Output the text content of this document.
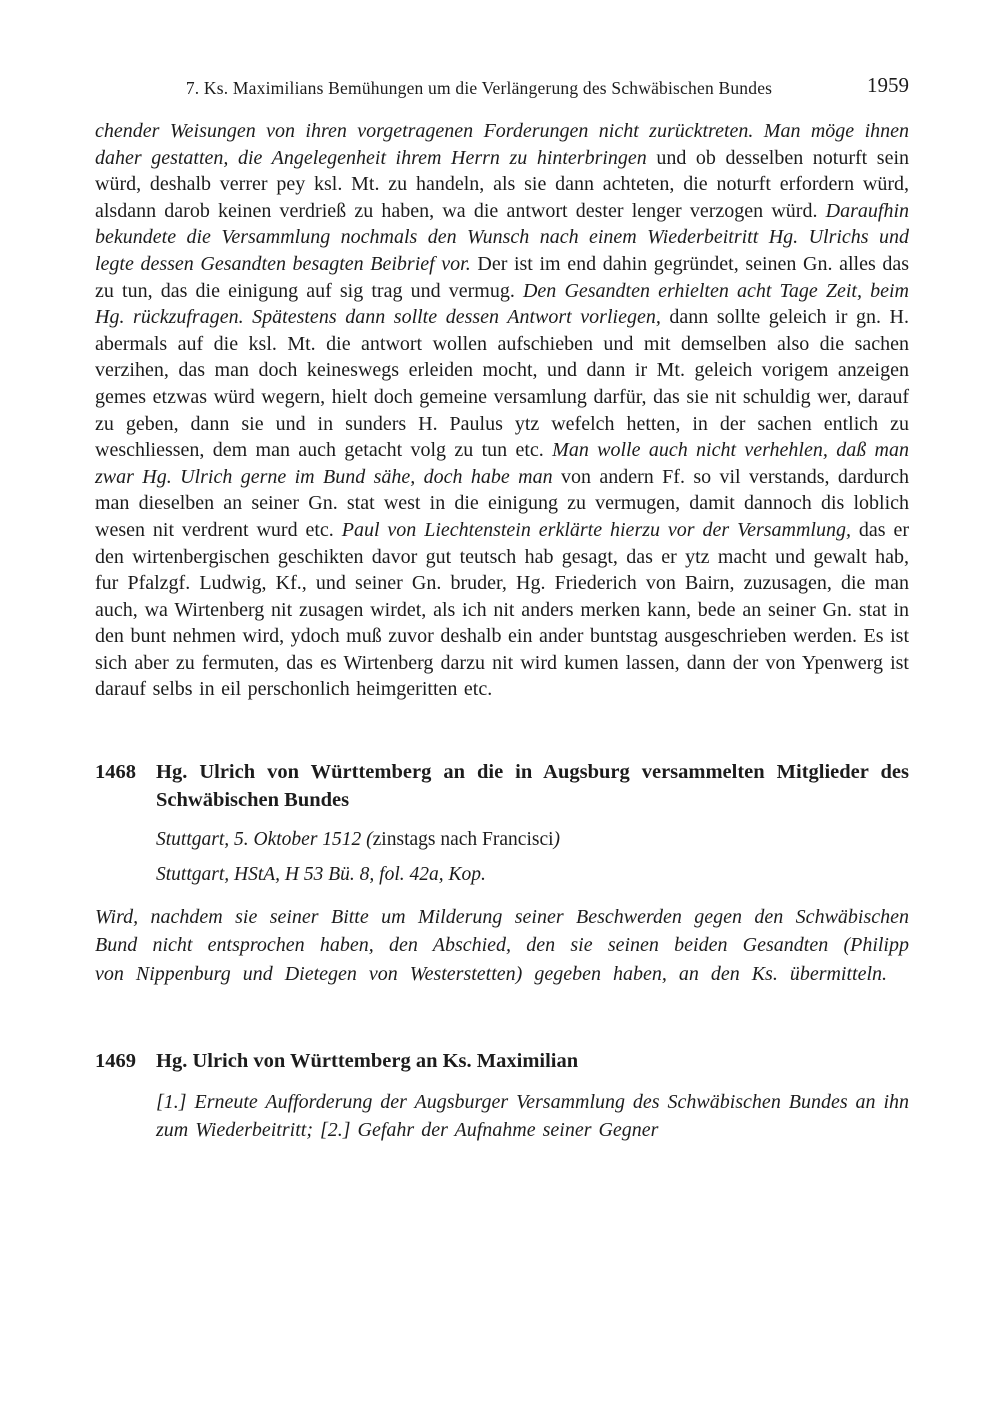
7. Ks. Maximilians Bemühungen um die Verlängerung des Schwäbischen Bundes	1959

chender Weisungen von ihren vorgetragenen Forderungen nicht zurücktreten. Man möge ihnen daher gestatten, die Angelegenheit ihrem Herrn zu hinterbringen und ob desselben noturft sein würd, deshalb verrer pey ksl. Mt. zu handeln, als sie dann achteten, die noturft erfordern würd, alsdann darob keinen verdrieß zu haben, wa die antwort dester lenger verzogen würd. Daraufhin bekundete die Versammlung nochmals den Wunsch nach einem Wiederbeitritt Hg. Ulrichs und legte dessen Gesandten besagten Beibrief vor. Der ist im end dahin gegründet, seinen Gn. alles das zu tun, das die einigung auf sig trag und vermug. Den Gesandten erhielten acht Tage Zeit, beim Hg. rückzufragen. Spätestens dann sollte dessen Antwort vorliegen, dann sollte geleich ir gn. H. abermals auf die ksl. Mt. die antwort wollen aufschieben und mit demselben also die sachen verzihen, das man doch keineswegs erleiden mocht, und dann ir Mt. geleich vorigem anzeigen gemes etzwas würd wegern, hielt doch gemeine versamlung darfür, das sie nit schuldig wer, darauf zu geben, dann sie und in sunders H. Paulus ytz wefelch hetten, in der sachen entlich zu weschliessen, dem man auch getacht volg zu tun etc. Man wolle auch nicht verhehlen, daß man zwar Hg. Ulrich gerne im Bund sähe, doch habe man von andern Ff. so vil verstands, dardurch man dieselben an seiner Gn. stat west in die einigung zu vermugen, damit dannoch dis loblich wesen nit verdrent wurd etc. Paul von Liechtenstein erklärte hierzu vor der Versammlung, das er den wirtenbergischen geschikten davor gut teutsch hab gesagt, das er ytz macht und gewalt hab, fur Pfalzgf. Ludwig, Kf., und seiner Gn. bruder, Hg. Friederich von Bairn, zuzusagen, die man auch, wa Wirtenberg nit zusagen wirdet, als ich nit anders merken kann, bede an seiner Gn. stat in den bunt nehmen wird, ydoch muß zuvor deshalb ein ander buntstag ausgeschrieben werden. Es ist sich aber zu fermuten, das es Wirtenberg darzu nit wird kumen lassen, dann der von Ypenwerg ist darauf selbs in eil perschonlich heimgeritten etc.

1468 Hg. Ulrich von Württemberg an die in Augsburg versammelten Mitglieder des Schwäbischen Bundes

Stuttgart, 5. Oktober 1512 (zinstags nach Francisci)

Stuttgart, HStA, H 53 Bü. 8, fol. 42a, Kop.

Wird, nachdem sie seiner Bitte um Milderung seiner Beschwerden gegen den Schwäbischen Bund nicht entsprochen haben, den Abschied, den sie seinen beiden Gesandten (Philipp von Nippenburg und Dietegen von Westerstetten) gegeben haben, an den Ks. übermitteln.

1469 Hg. Ulrich von Württemberg an Ks. Maximilian

[1.] Erneute Aufforderung der Augsburger Versammlung des Schwäbischen Bundes an ihn zum Wiederbeitritt; [2.] Gefahr der Aufnahme seiner Gegner
